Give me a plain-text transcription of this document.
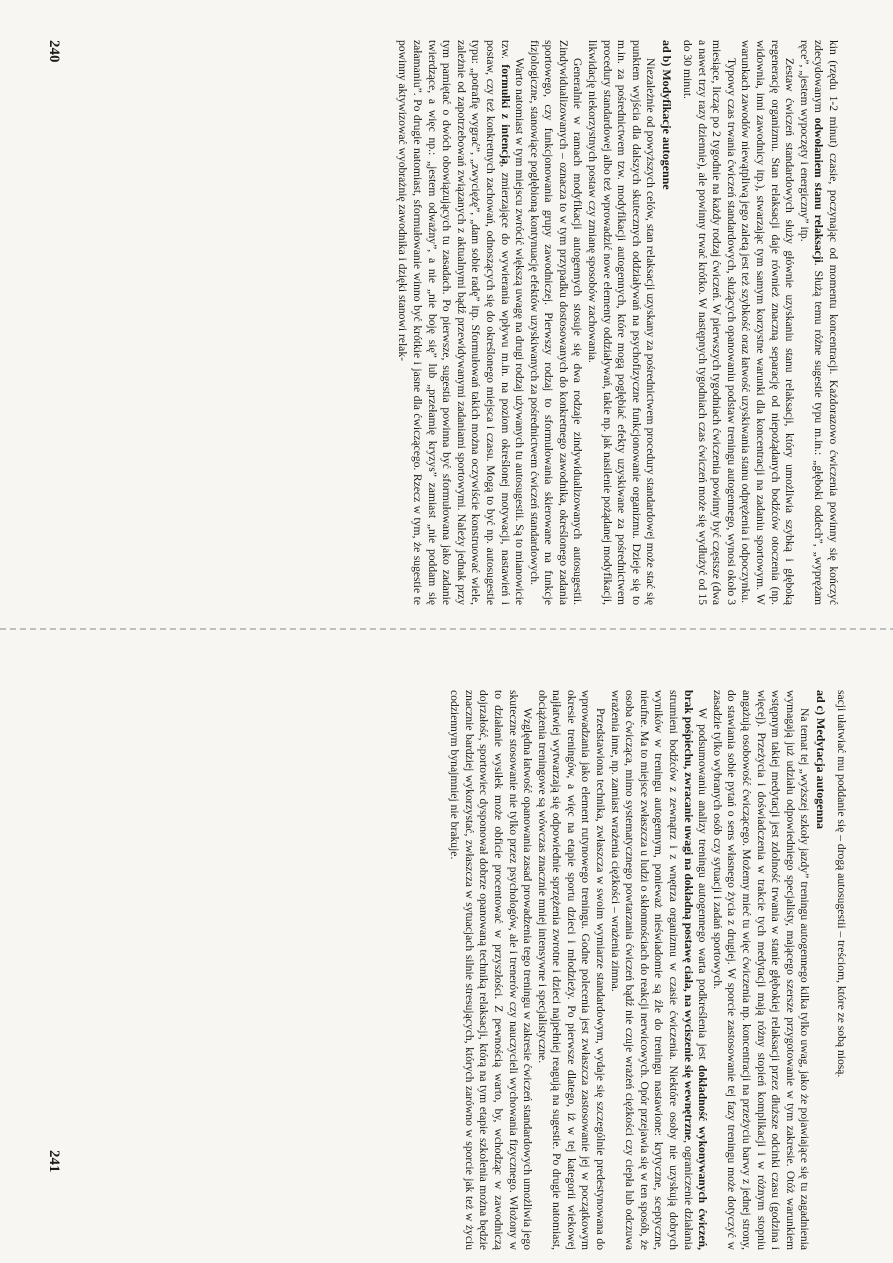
240	kin (rzędu 1-2 minut) czasie, poczynając od momentu koncentracji. Każdorazowo ćwiczenia powinny się kończyć zdecydowanym odwołaniem stanu relaksacji. Służą temu różne sugestie typu m.in.: „głęboki oddech”, „wyprężam ręce”, „jestem wypoczęty i energiczny” itp.

Zestaw ćwiczeń standardowych służy głównie uzyskaniu stanu relaksacji, który umożliwia szybką i głęboką regenerację organizmu. Stan relaksacji daje również znaczną separację od niepożądanych bodźców otoczenia (np. widownia, inni zawodnicy itp.), stwarzając tym samym korzystne warunki dla koncentracji na zadaniu sportowym. W warunkach zawodów niewątpliwą jego zaletą jest też szybkość oraz łatwość uzyskiwania stanu odprężenia i odpoczynku.

Typowy czas trwania ćwiczeń standardowych, służących opanowaniu podstaw treningu autogennego, wynosi około 3 miesiące, licząc po 2 tygodnie na każdy rodzaj ćwiczeń. W pierwszych tygodniach ćwiczenia powinny być częstsze (dwa a nawet trzy razy dziennie), ale powinny trwać krótko. W następnych tygodniach czas ćwiczeń może się wydłużyć od 15 do 30 minut.

ad b) Modyfikacje autogenne

Niezależnie od powyższych celów, stan relaksacji uzyskany za pośrednictwem procedury standardowej może stać się punktem wyjścia dla dalszych skutecznych oddziaływań na psychofizyczne funkcjonowanie organizmu. Dzieje się to m.in. za pośrednictwem tzw. modyfikacji autogennych, które mogą pogłębiać efekty uzyskiwane za pośrednictwem procedury standardowej albo też wprowadzić nowe elementy oddziaływań, takie np. jak nasilenie pożądanej modyfikacji, likwidację niekorzystnych postaw czy zmianę sposobów zachowania.

Generalnie w ramach modyfikacji autogennych stosuje się dwa rodzaje zindywidualizowanych autosugestii. Zindywidualizowanych – oznacza to w tym przypadku dostosowanych do konkretnego zawodnika, określonego zadania sportowego, czy funkcjonowania grupy zawodniczej. Pierwszy rodzaj to sformułowania skierowane na funkcje fizjologiczne, stanowiące pogłębioną kontynuację efektów uzyskiwanych za pośrednictwem ćwiczeń standardowych.

Warto natomiast w tym miejscu zwrócić większą uwagę na drugi rodzaj używanych tu autosugestii. Są to mianowicie tzw. formułki z intencją, zmierzające do wywierania wpływu m.in. na poziom określonej motywacji, nastawień i postaw, czy też konkretnych zachowań, odnoszących się do określonego miejsca i czasu. Mogą to być np. autosugestie typu: „potrafię wygrać”, „zwyciężę”, „dam sobie radę” itp. Sformułowań takich można oczywiście konstruować wiele, zależnie od zapotrzebowań związanych z aktualnymi bądź przewidywanymi zadaniami sportowymi. Należy jednak przy tym pamiętać o dwóch obowiązujących tu zasadach. Po pierwsze, sugestia powinna być sformułowana jako zadanie twierdzące, a więc np.: „jestem odważny”, a nie „nie boję się” lub „przełamię kryzys” zamiast „nie poddam się załamaniu”. Po drugie natomiast, sformułowanie winno być krótkie i jasne dla ćwiczącego. Rzecz w tym, że sugestie te powinny aktywizować wyobrażnię zawodnika i dzięki stanowi relak-

241

sacji ułatwiać mu poddanie się – drogą autosugestii – treściom, które ze sobą niosą.

ad c) Medytacja autogenna

Na temat tej „wyższej szkoły jazdy” treningu autogennego kilka tylko uwag, jako że pojawiające się tu zagadnienia wymagają już udziału odpowiedniego specjalisty, mającego szersze przygotowanie w tym zakresie. Otóż warunkiem wstępnym takiej medytacji jest zdolność trwania w stanie głębokiej relaksacji przez dłuższe odcinki czasu (godzina i więcej). Przeżycia i doświadczenia w trakcie tych medytacji mają różny stopień komplikacji i w różnym stopniu angażują osobowość ćwiczącego. Możemy mieć tu więc ćwiczenia np. koncentracji na przeżyciu barwy z jednej strony, do stawiania sobie pytań o sens własnego życia z drugiej. W sporcie zastosowanie tej fazy treningu może dotyczyć w zasadzie tylko wybranych osób czy sytuacji i zadań sportowych.

W podsumowaniu analizy treningu autogennego warta podkreślenia jest dokładność wykonywanych ćwiczeń, brak pośpiechu, zwracanie uwagi na dokładną postawę ciała, na wyciszenie się wewnętrzne, ograniczenie działania strumieni bodźców z zewnątrz i z wnętrza organizmu w czasie ćwiczenia. Niektóre osoby nie uzyskują dobrych wyników w treningu autogennym, ponieważ nieświadomie są źle do treningu nastawione: krytyczne, sceptyczne, nieufne. Ma to miejsce zwłaszcza u ludzi o skłonnościach do reakcji nerwicowych. Opór przejawia się w ten sposób, że osoba ćwicząca, mimo systematycznego powtarzania ćwiczeń bądź nie czuje wrażeń ciężkości czy ciepła lub odczuwa wrażenia inne, np. zamiast wrażenia ciężkości – wrażenia zimna.

Przedstawiona technika, zwłaszcza w swoim wymiarze standardowym, wydaje się szczególnie predestynowana do wprowadzania jako element rutynowego treningu. Godne polecenia jest zwłaszcza zastosowanie jej w początkowym okresie treningów, a więc na etapie sportu dzieci i młodzieży. Po pierwsze dlatego, iż w tej kategorii wiekowej najłatwiej wytwarzają się odpowiednie sprzężenia zwrotne i dzieci najpełniej reagują na sugestie. Po drugie natomiast, obciążenia treningowe są wówczas znacznie mniej intensywne i specjalistyczne.

Względna łatwość opanowania zasad prowadzenia tego treningu w zakresie ćwiczeń standardowych umożliwia jego skuteczne stosowanie nie tylko przez psychologów, ale i trenerów czy nauczycieli wychowania fizycznego. Włożony w to działanie wysiłek może obficie procentować w przyszłości. Z pewnością warto, by, wchodząc w zawodniczą dojrzałość, sportowiec dysponował dobrze opanowaną techniką relaksacji, którą na tym etapie szkolenia można będzie znacznie bardziej wykorzystać, zwłaszcza w sytuacjach silnie stresujących, których zarówno w sporcie jak też w życiu codziennym bynajmniej nie brakuje.
